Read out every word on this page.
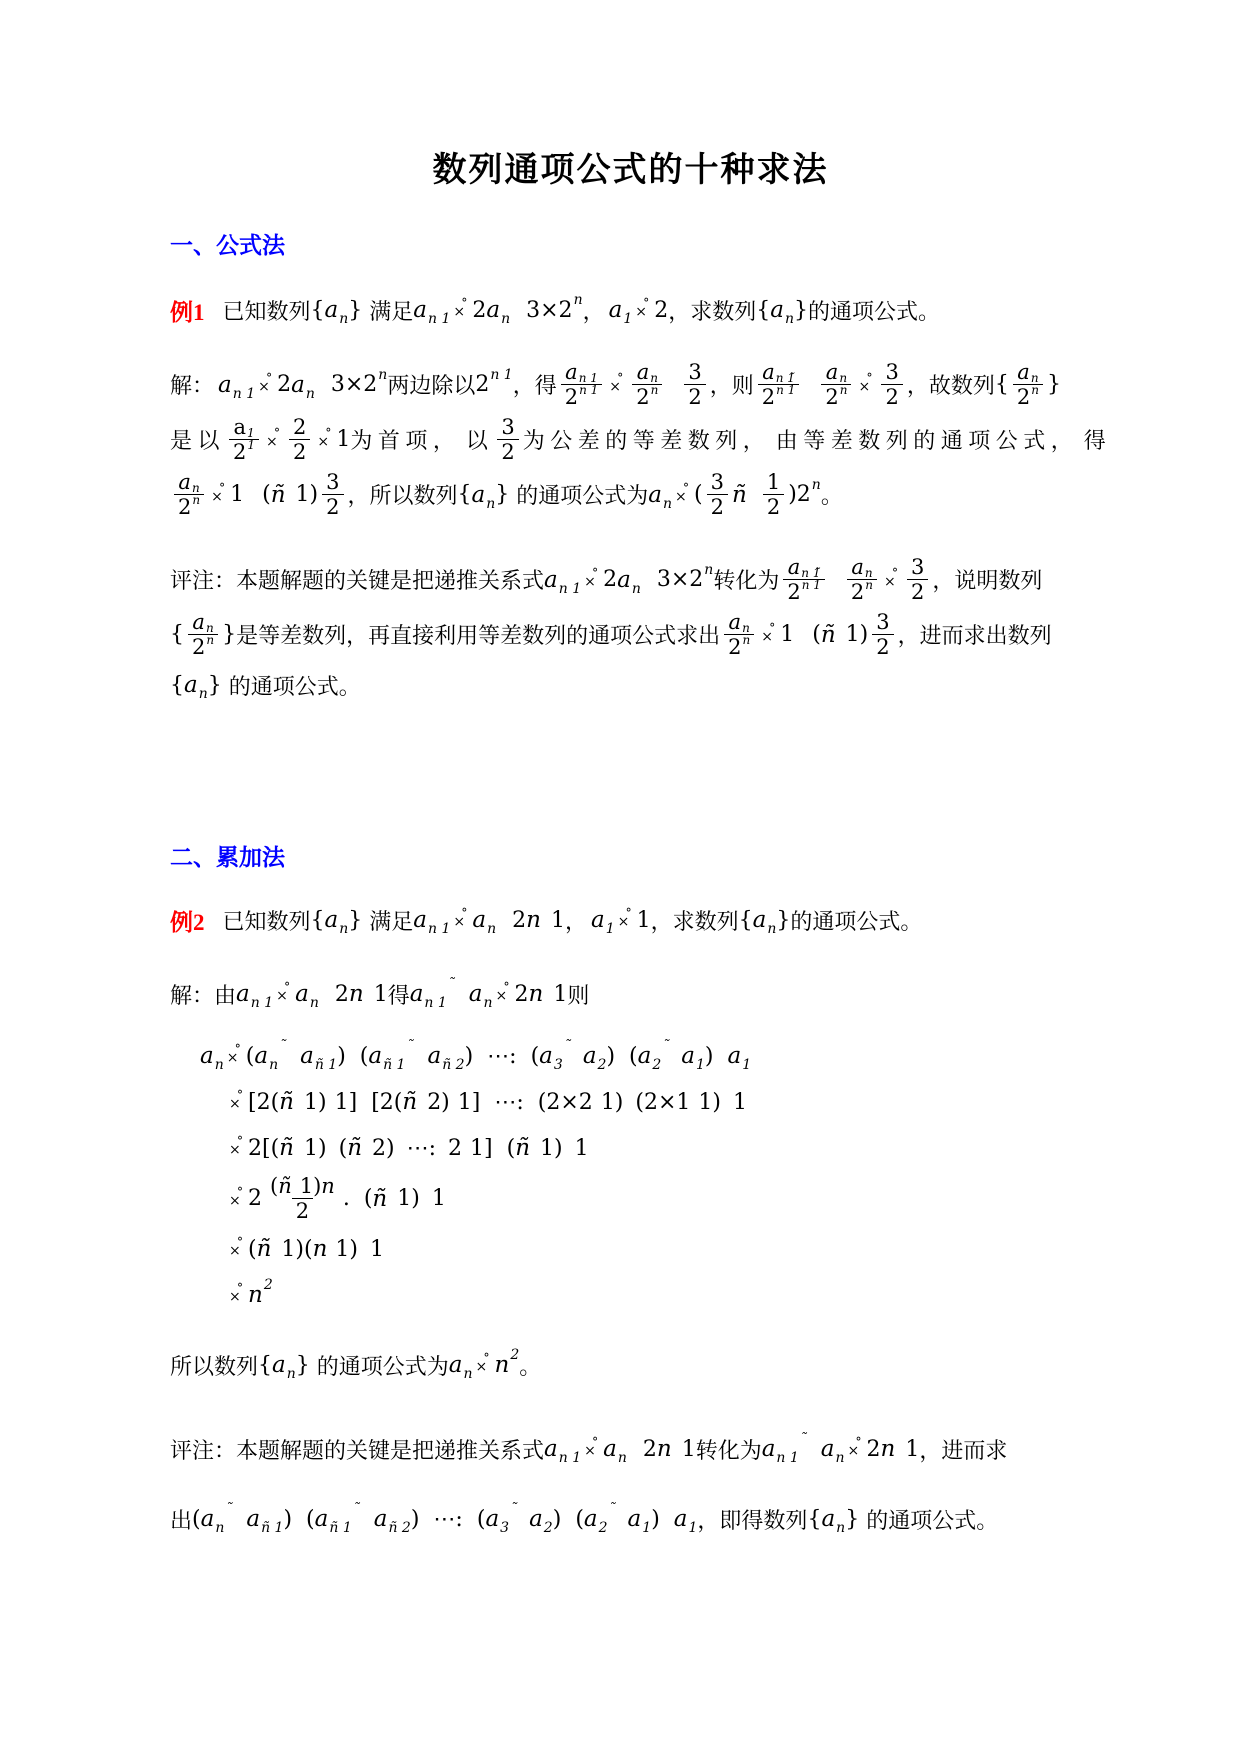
数列通项公式的十种求法
一、公式法
例1 已知数列 { a n } 满足 a n 1 ×
° 2 a n 3×2 n ， a 1 ×
° 2 ，求数列 { a n } 的通项公式。
解： a n 1 ×
° 2 a n 3×2 n 两边除以 2 n 1 ，得 $\frac{\text{a n 1}}{2 n 1}$ ×
° $\frac{\text{a n}}{2 n} \frac{3}{2}$ ，则 $\frac{\text{a n 1̃}}{2 n 1} \frac{\text{a n}}{2 n}$ ×
° $\frac{3}{2}$ ，故数列 { $\frac{\text{a n}}{2 n}$ }
是 以 $\frac{a 1}{2 1}$ ×
° $\frac{2}{2}$ ×
° 1 为 首 项 ，  以 $\frac{3}{2}$ 为 公 差 的 等 差 数 列 ，  由 等 差 数 列 的 通 项 公 式 ，  得
$\frac{\text{a n}}{2 n}$ ×
° 1 ( ñ $1) \frac{3}{2}$ ，所以数列 { a n } 的通项公式为 a n ×
° ( $\frac{3}{2}$ ñ $\frac{1}{2} )2$ n 。
评注：本题解题的关键是把递推关系式 a n 1 ×
° 2 a n 3×2 n 转化为 $\frac{\text{a n 1̃}}{2 n 1} \frac{\text{a n}}{2 n}$ ×
° $\frac{3}{2}$ ，说明数列
{ $\frac{\text{a n}}{2 n}$ } 是等差数列，再直接利用等差数列的通项公式求出 $\frac{\text{a n}}{2 n}$ ×
° 1 ( ñ $1) \frac{3}{2}$ ，进而求出数列
{ a n } 的通项公式。
二、累加法
例2 已知数列 { a n } 满足 a n 1 ×
° a n 2 n 1 ， a 1 ×
° 1 ，求数列 { a n } 的通项公式。
解：由 a n 1 ×
° a n 2 n 1 得 a n 1
˜ a n ×
° 2 n 1 则
a n ×
° ( a n
˜ a ñ 1 ) ( a ñ 1
˜ a ñ 2 ) ⋯: ( a 3
˜ a 2 ) ( a 2
˜ a 1 ) a 1
×
° [2( ñ 1) 1] [2( ñ 2) 1] ⋯: (2×2 1) (2×1 1) 1
×
° 2[( ñ 1) ( ñ 2) ⋯: 2 1] ( ñ 1) 1
×
° $2 \frac{( ñ 1) n}{2}$ . ( ñ 1) 1
×
° ( ñ 1)( n 1) 1
×
° n 2
所以数列 { a n } 的通项公式为 a n ×
° n 2 。
评注：本题解题的关键是把递推关系式 a n 1 ×
° a n 2 n 1 转化为 a n 1
˜ a n ×
° 2 n 1 ，进而求
出 ( a n
˜ a ñ 1 ) ( a ñ 1
˜ a ñ 2 ) ⋯: ( a 3
˜ a 2 ) ( a 2
˜ a 1 ) a 1 ，即得数列 { a n } 的通项公式。
